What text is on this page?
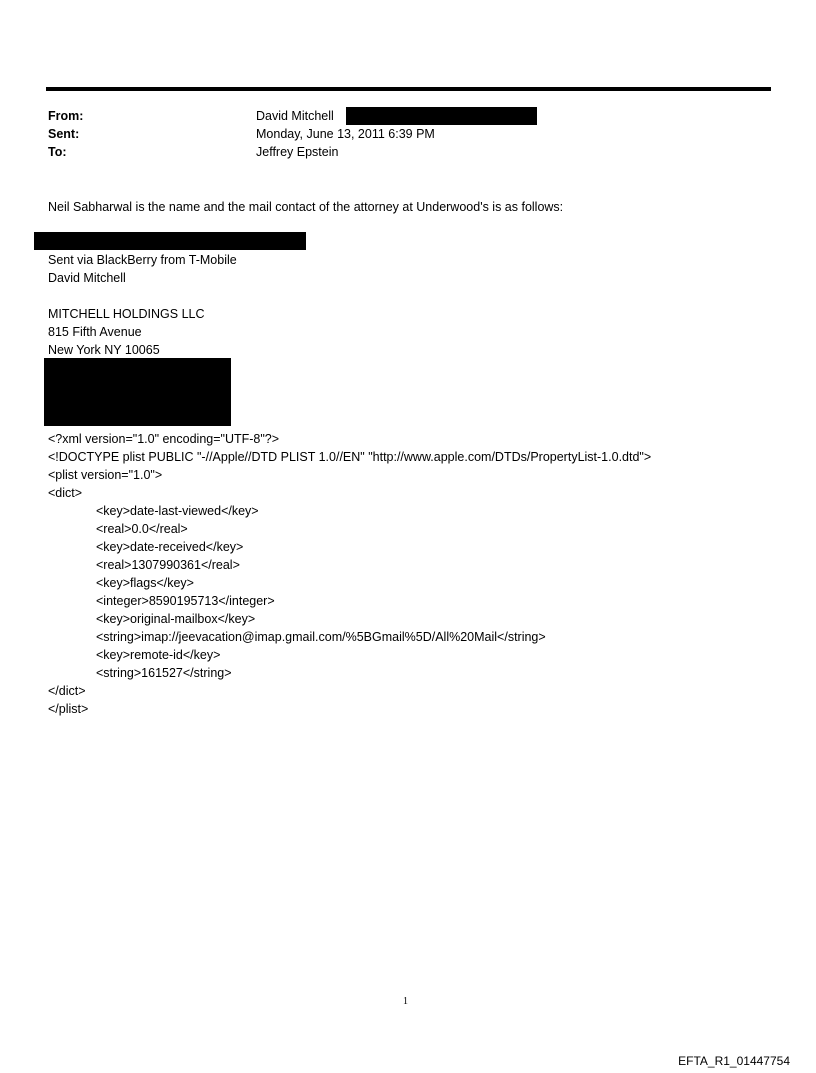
From:	David Mitchell
Sent:	Monday, June 13, 2011 6:39 PM
To:	Jeffrey Epstein
Neil Sabharwal is the name and the mail contact of the attorney at Underwood's is as follows:
Sent via BlackBerry from T-Mobile
David Mitchell
MITCHELL HOLDINGS LLC
815 Fifth Avenue
New York NY 10065
<?xml version="1.0" encoding="UTF-8"?>
<!DOCTYPE plist PUBLIC "-//Apple//DTD PLIST 1.0//EN" "http://www.apple.com/DTDs/PropertyList-1.0.dtd">
<plist version="1.0">
<dict>
<key>date-last-viewed</key>
<real>0.0</real>
<key>date-received</key>
<real>1307990361</real>
<key>flags</key>
<integer>8590195713</integer>
<key>original-mailbox</key>
<string>imap://jeevacation@imap.gmail.com/%5BGmail%5D/All%20Mail</string>
<key>remote-id</key>
<string>161527</string>
</dict>
</plist>
1
EFTA_R1_01447754
